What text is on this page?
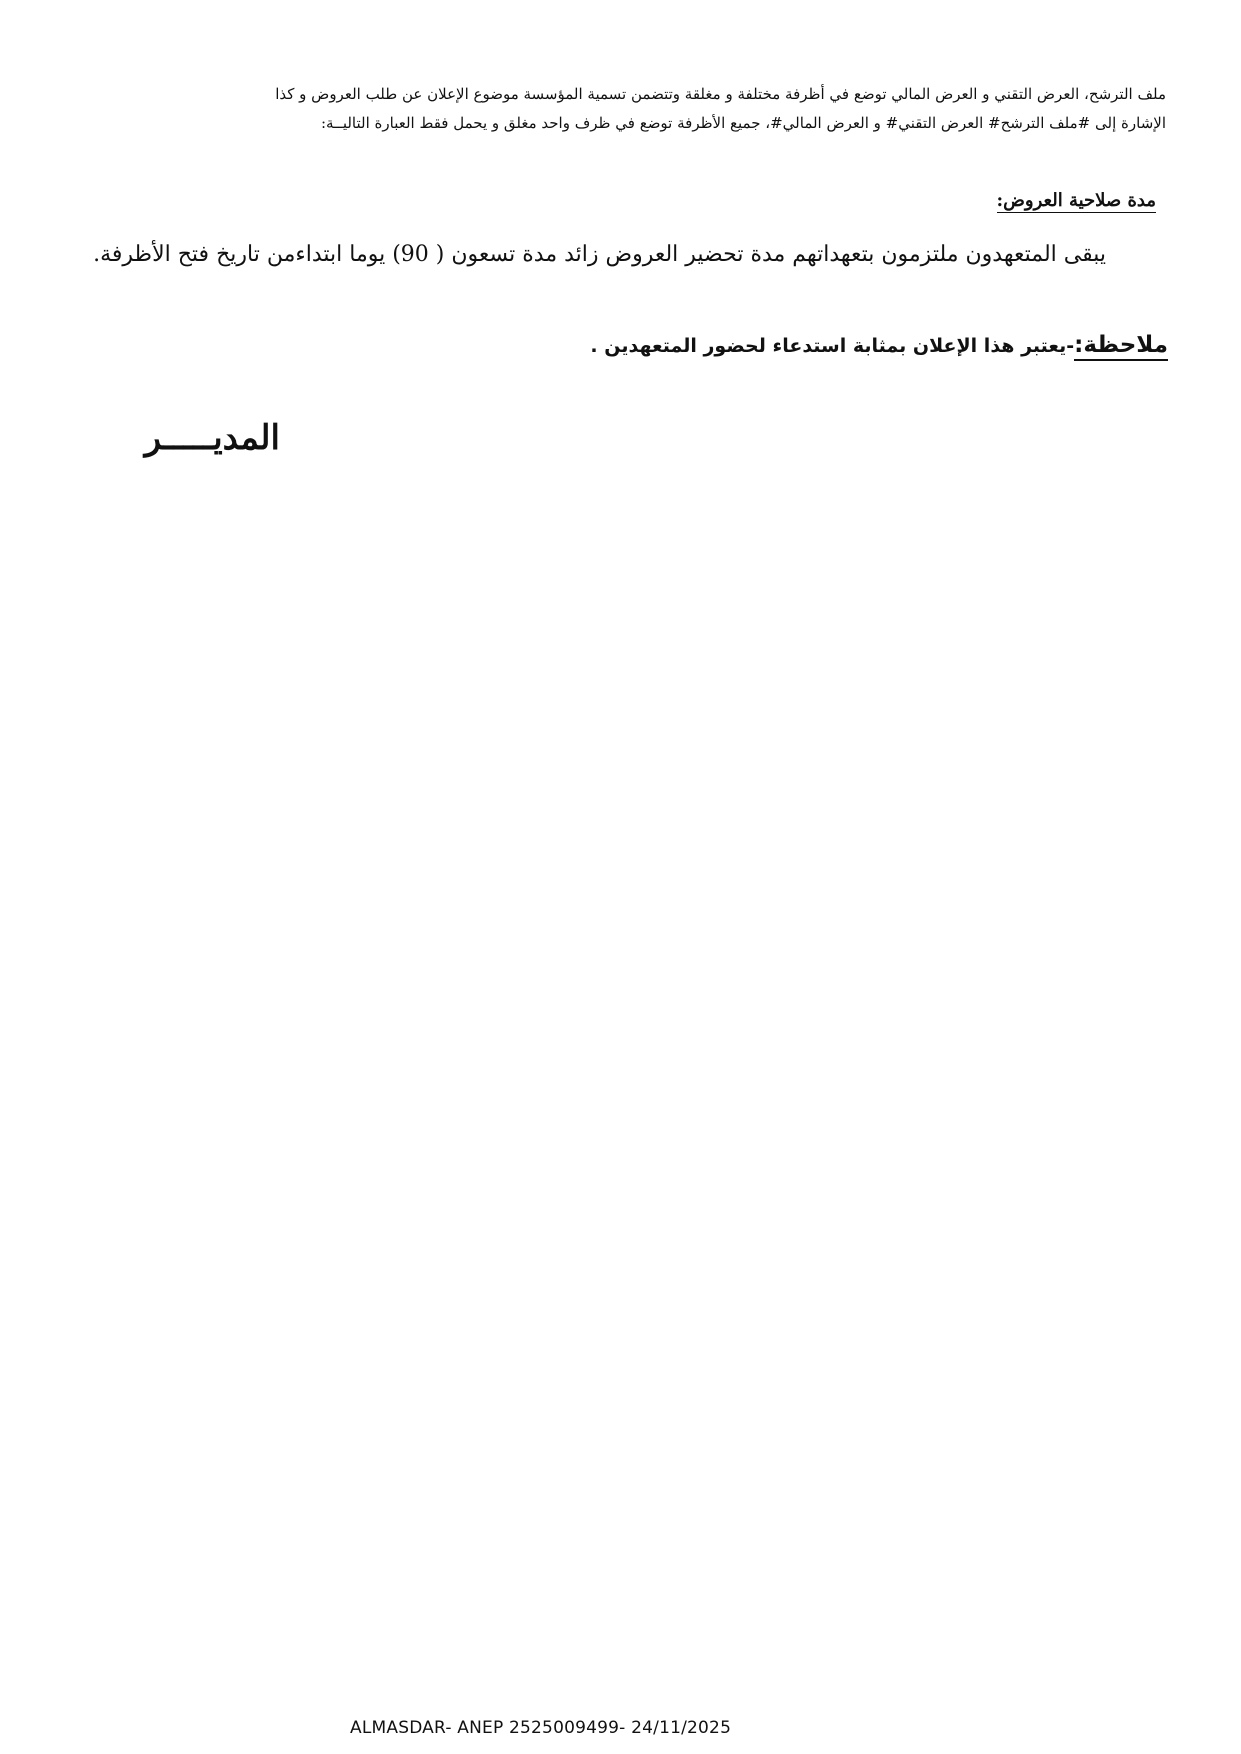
ملف الترشح، العرض التقني و العرض المالي توضع في أظرفة مختلفة و مغلقة وتتضمن تسمية المؤسسة موضوع الإعلان عن طلب العروض و كذا

الإشارة إلى #ملف الترشح# العرض التقني# و العرض المالي#، جميع الأظرفة توضع في ظرف واحد مغلق و يحمل فقط العبارة التاليــة:

مدة صلاحية العروض:
يبقى المتعهدون ملتزمون بتعهداتهم مدة تحضير العروض زائد مدة تسعون ( 90) يوما ابتداءمن تاريخ فتح الأظرفة.
ملاحظة:-يعتبر هذا الإعلان بمثابة استدعاء لحضور المتعهدين .
المديـــــر
ALMASDAR- ANEP 2525009499- 24/11/2025
